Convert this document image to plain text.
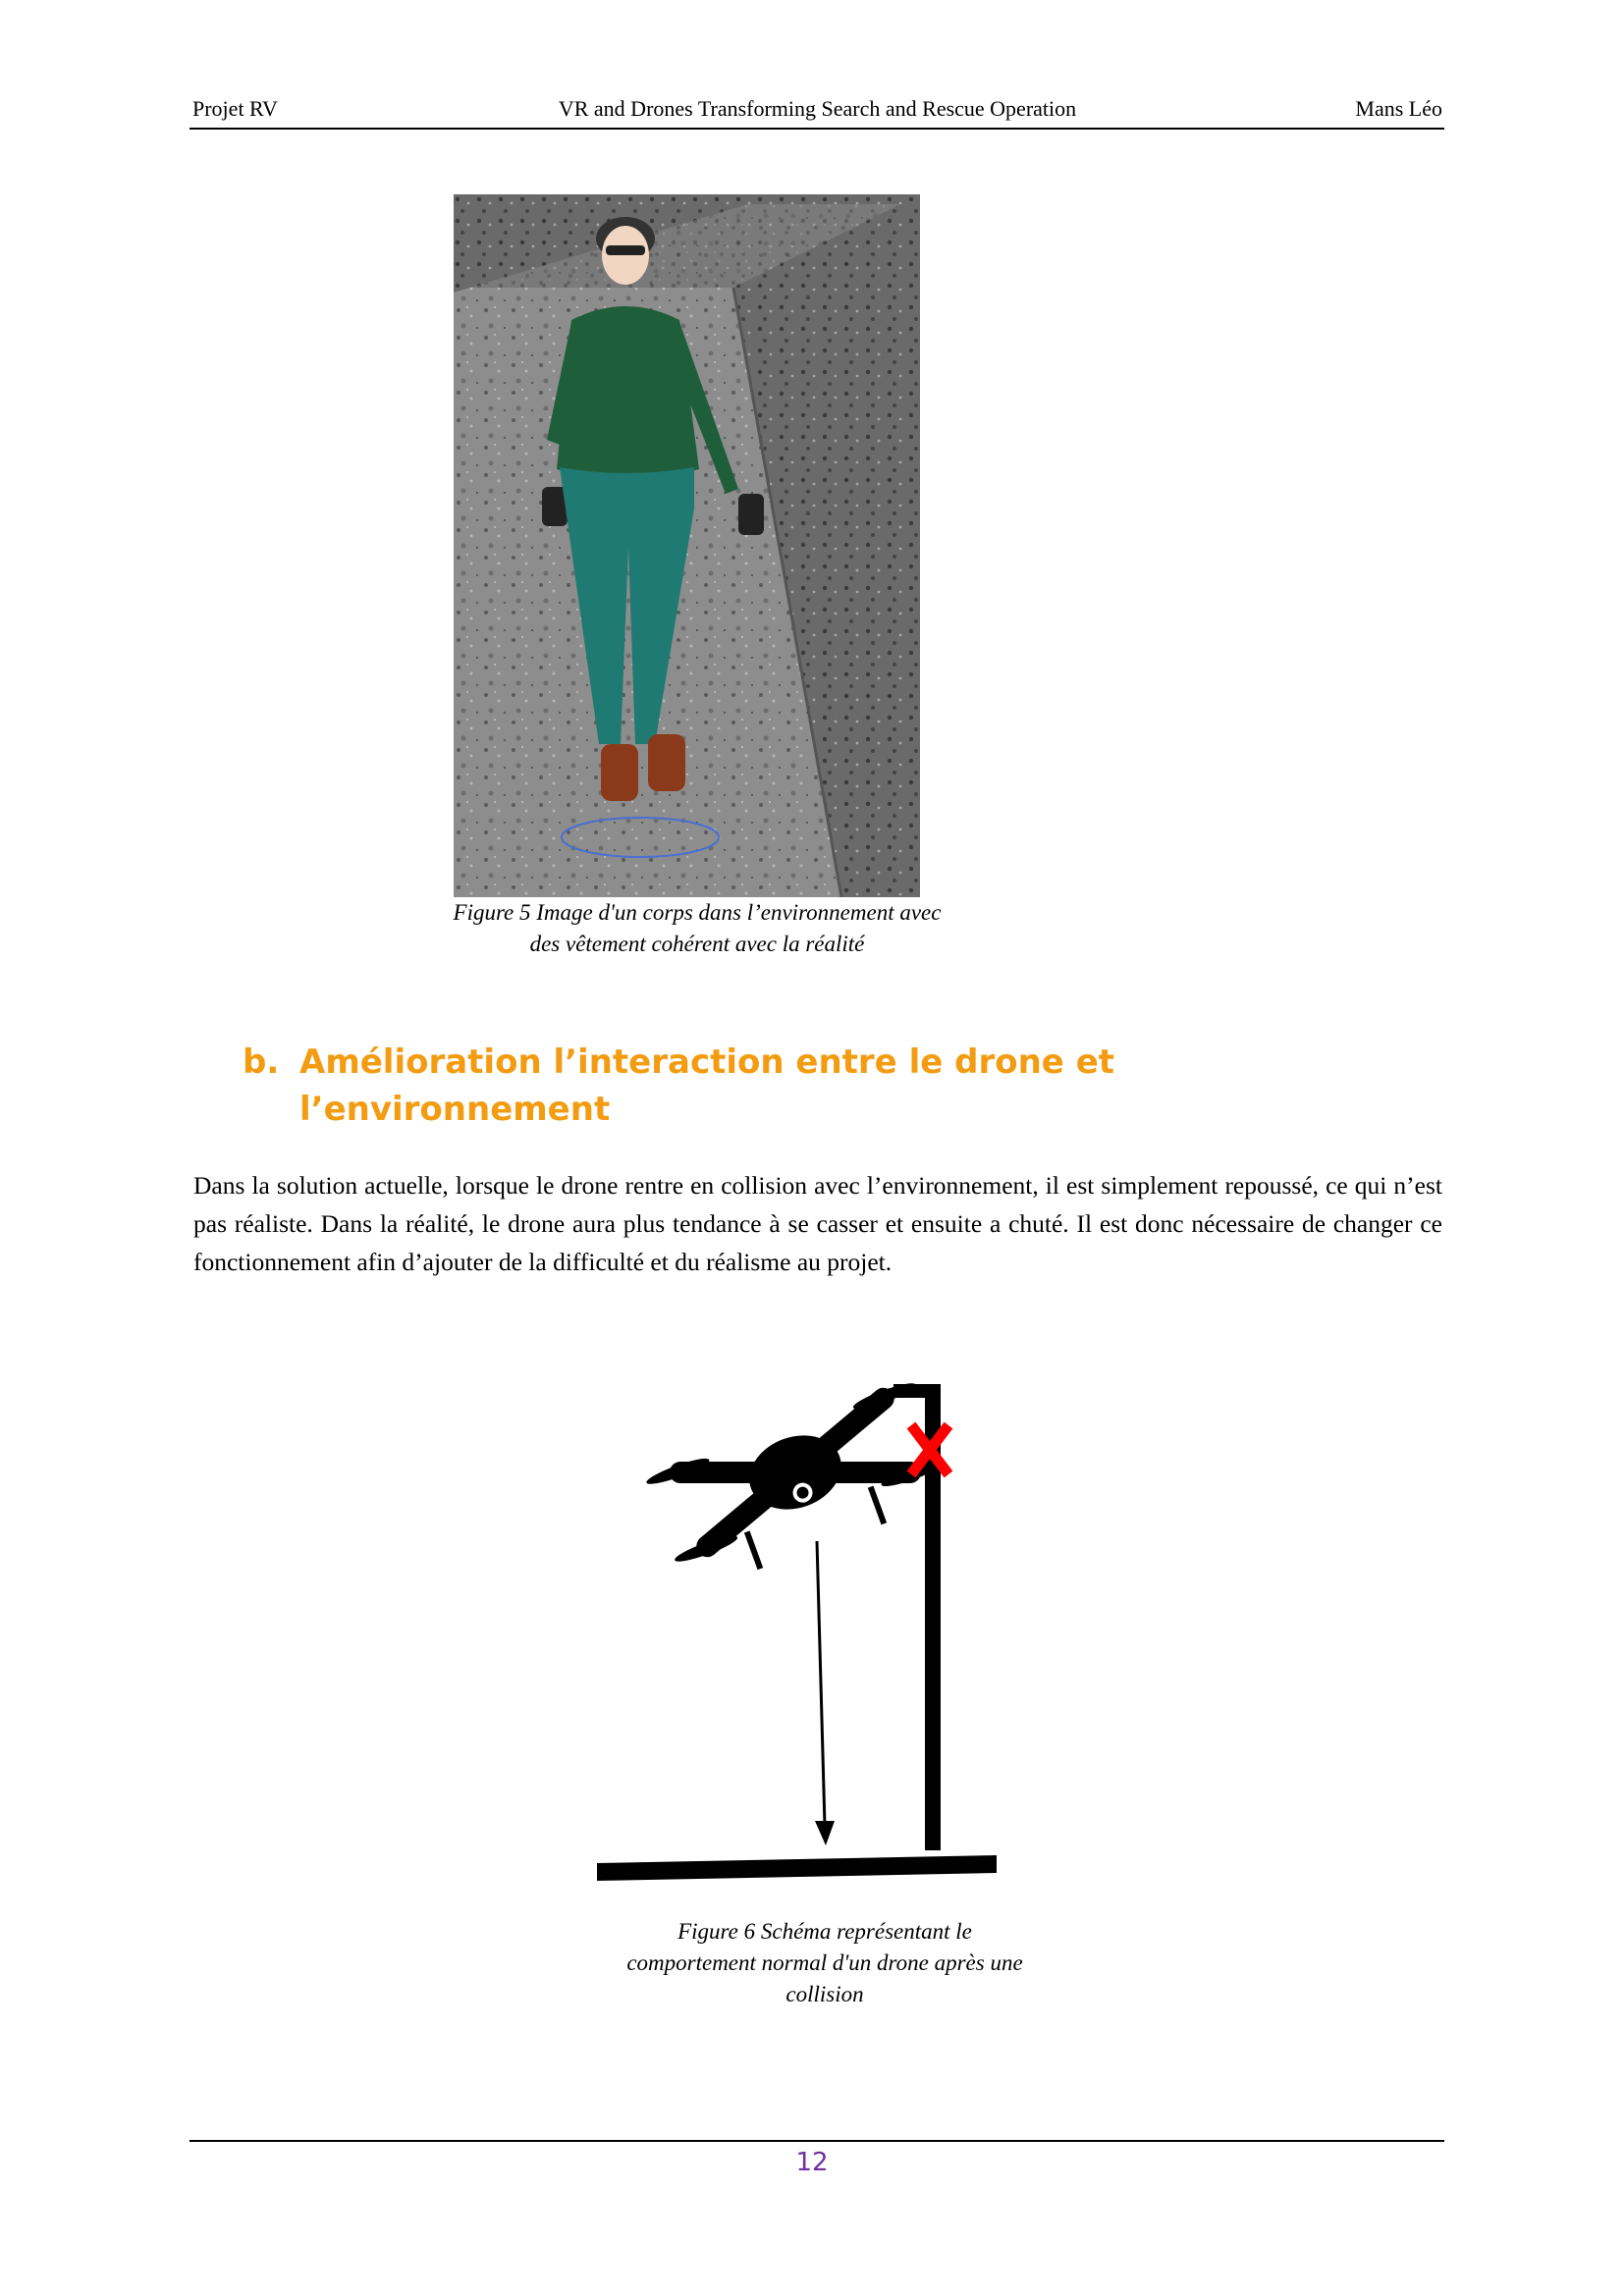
Projet RV	VR and Drones Transforming Search and Rescue Operation	Mans Léo
Figure 5 Image d'un corps dans l’environnement avec
des vêtement cohérent avec la réalité
b. Amélioration l’interaction entre le drone et
l’environnement
Dans la solution actuelle, lorsque le drone rentre en collision avec l’environnement, il est simplement repoussé, ce qui n’est pas réaliste. Dans la réalité, le drone aura plus tendance à se casser et ensuite a chuté. Il est donc nécessaire de changer ce fonctionnement afin d’ajouter de la difficulté et du réalisme au projet.
Figure 6 Schéma représentant le
comportement normal d'un drone après une
collision
12
